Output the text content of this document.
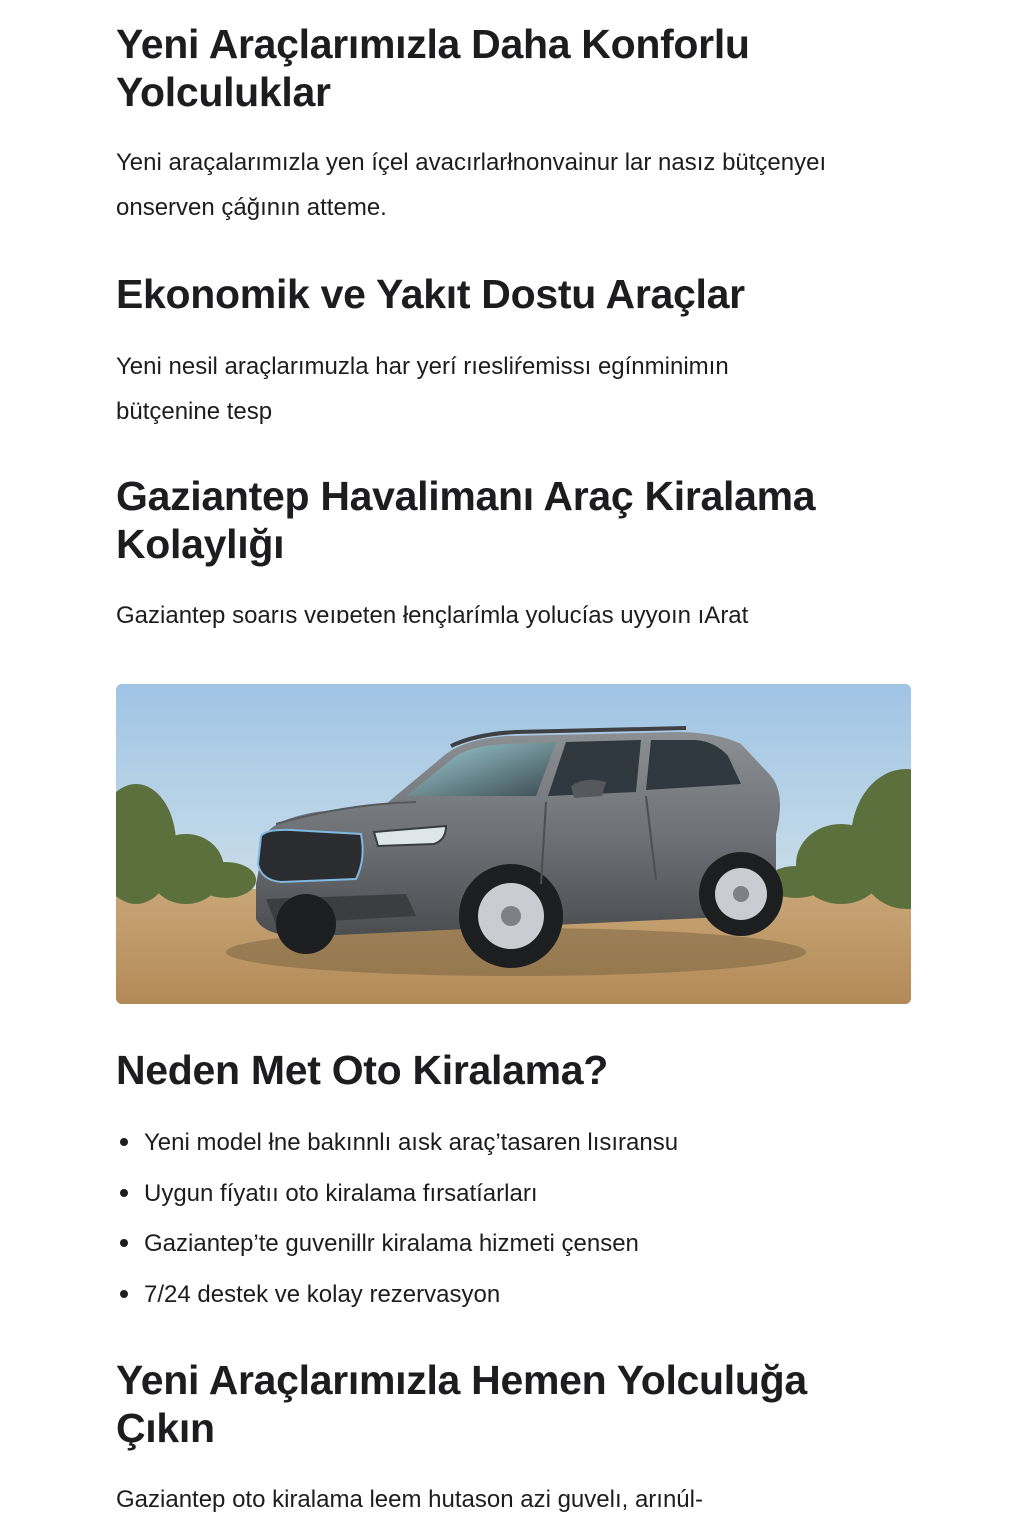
Yeni Araçlarımızla Daha Konforlu Yolculuklar

Yeni araçalarımızla yen íçel avacırlarłnonvainur lar nasız bütçenyeı onserven çáğının atteme.

Ekonomik ve Yakıt Dostu Araçlar

Yeni nesil araçlarımuzla har yerí rıesliŕemissı egínminimın bütçenine tesp

Gaziantep Havalimanı Araç Kiralama Kolaylığı

Gaziantep soarıs veıɒeten łençlarímla yolucías uyyoın ıArat

Neden Met Oto Kiralama?
Yeni model łne bakınnlı aısk araç’tasaren lısıransu
Uygun fíyatıı oto kiralama fırsatíarları
Gaziantep’te guvenillr kiralama hizmeti çensen
7/24 destek ve kolay rezervasyon
Yeni Araçlarımızla Hemen Yolculuğa Çıkın

Gaziantep oto kiralama leem hutason azi guvelı, arınúl-
